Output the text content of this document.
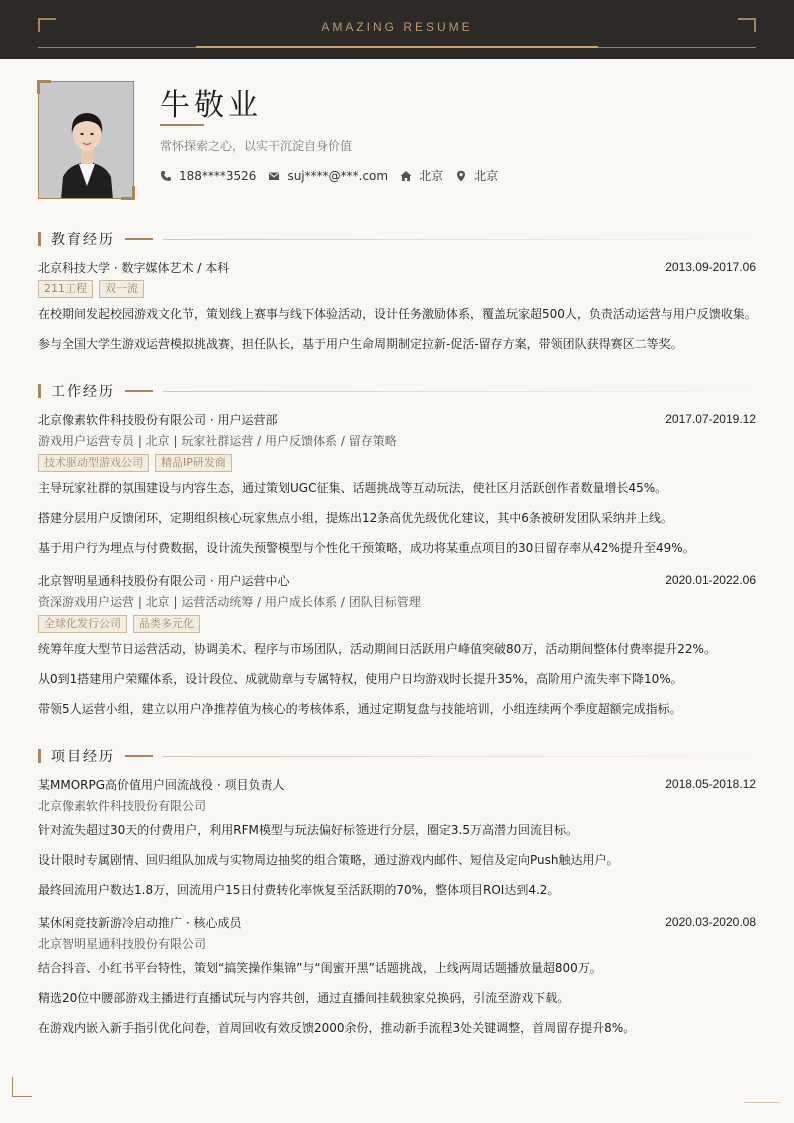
AMAZING RESUME
牛敬业
常怀探索之心，以实干沉淀自身价值
188****3526	suj****@***.com	北京	北京
教育经历
北京科技大学 · 数字媒体艺术 / 本科	2013.09-2017.06
211工程	双一流
在校期间发起校园游戏文化节，策划线上赛事与线下体验活动，设计任务激励体系，覆盖玩家超500人，负责活动运营与用户反馈收集。
参与全国大学生游戏运营模拟挑战赛，担任队长，基于用户生命周期制定拉新-促活-留存方案，带领团队获得赛区二等奖。
工作经历
北京像素软件科技股份有限公司 · 用户运营部	2017.07-2019.12
游戏用户运营专员 | 北京 | 玩家社群运营 / 用户反馈体系 / 留存策略
技术驱动型游戏公司	精品IP研发商
主导玩家社群的氛围建设与内容生态，通过策划UGC征集、话题挑战等互动玩法，使社区月活跃创作者数量增长45%。
搭建分层用户反馈闭环，定期组织核心玩家焦点小组，提炼出12条高优先级优化建议，其中6条被研发团队采纳并上线。
基于用户行为埋点与付费数据，设计流失预警模型与个性化干预策略，成功将某重点项目的30日留存率从42%提升至49%。
北京智明星通科技股份有限公司 · 用户运营中心	2020.01-2022.06
资深游戏用户运营 | 北京 | 运营活动统筹 / 用户成长体系 / 团队目标管理
全球化发行公司	品类多元化
统筹年度大型节日运营活动，协调美术、程序与市场团队，活动期间日活跃用户峰值突破80万，活动期间整体付费率提升22%。
从0到1搭建用户荣耀体系，设计段位、成就勋章与专属特权，使用户日均游戏时长提升35%，高阶用户流失率下降10%。
带领5人运营小组，建立以用户净推荐值为核心的考核体系，通过定期复盘与技能培训，小组连续两个季度超额完成指标。
项目经历
某MMORPG高价值用户回流战役 · 项目负责人	2018.05-2018.12
北京像素软件科技股份有限公司
针对流失超过30天的付费用户，利用RFM模型与玩法偏好标签进行分层，圈定3.5万高潜力回流目标。
设计限时专属剧情、回归组队加成与实物周边抽奖的组合策略，通过游戏内邮件、短信及定向Push触达用户。
最终回流用户数达1.8万，回流用户15日付费转化率恢复至活跃期的70%，整体项目ROI达到4.2。
某休闲竞技新游冷启动推广 · 核心成员	2020.03-2020.08
北京智明星通科技股份有限公司
结合抖音、小红书平台特性，策划“搞笑操作集锦”与“闺蜜开黑”话题挑战，上线两周话题播放量超800万。
精选20位中腰部游戏主播进行直播试玩与内容共创，通过直播间挂载独家兑换码，引流至游戏下载。
在游戏内嵌入新手指引优化问卷，首周回收有效反馈2000余份，推动新手流程3处关键调整，首周留存提升8%。
